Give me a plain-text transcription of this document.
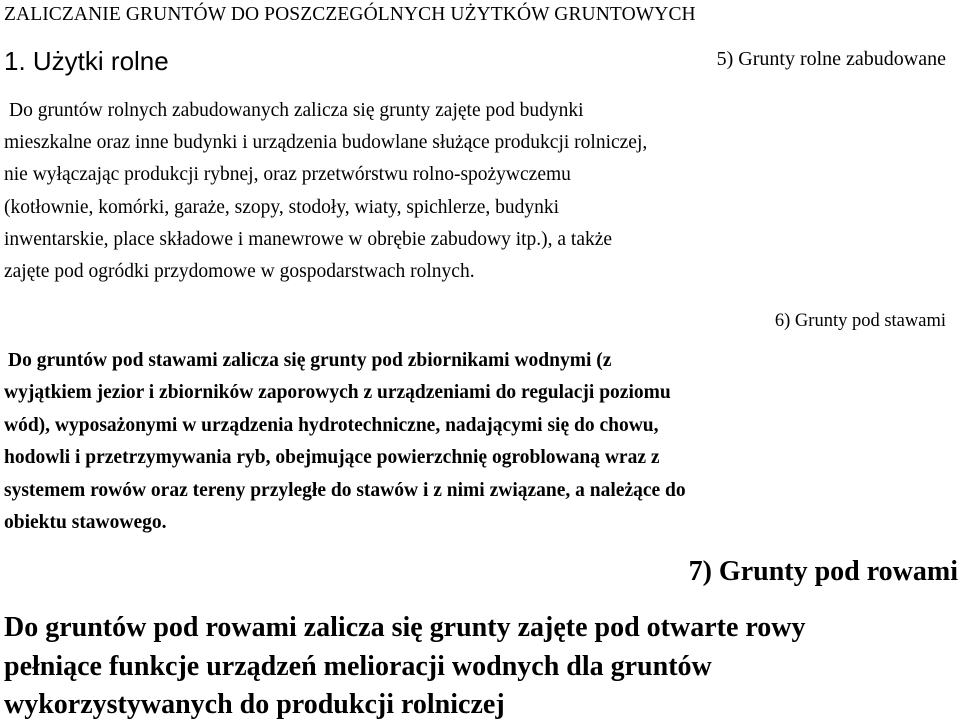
ZALICZANIE GRUNTÓW DO POSZCZEGÓLNYCH UŻYTKÓW GRUNTOWYCH
1. Użytki rolne	5) Grunty rolne zabudowane
Do gruntów rolnych zabudowanych zalicza się grunty zajęte pod budynki
mieszkalne oraz inne budynki i urządzenia budowlane służące produkcji rolniczej,
nie wyłączając produkcji rybnej, oraz przetwórstwu rolno-spożywczemu
(kotłownie, komórki, garaże, szopy, stodoły, wiaty, spichlerze, budynki
inwentarskie, place składowe i manewrowe w obrębie zabudowy itp.), a także
zajęte pod ogródki przydomowe w gospodarstwach rolnych.
6) Grunty pod stawami
Do gruntów pod stawami zalicza się grunty pod zbiornikami wodnymi (z
wyjątkiem jezior i zbiorników zaporowych z urządzeniami do regulacji poziomu
wód), wyposażonymi w urządzenia hydrotechniczne, nadającymi się do chowu,
hodowli i przetrzymywania ryb, obejmujące powierzchnię ogroblowaną wraz z
systemem rowów oraz tereny przyległe do stawów i z nimi związane, a należące do
obiektu stawowego.
7) Grunty pod rowami
Do gruntów pod rowami zalicza się grunty zajęte pod otwarte rowy
pełniące funkcje urządzeń melioracji wodnych dla gruntów
wykorzystywanych do produkcji rolniczej
